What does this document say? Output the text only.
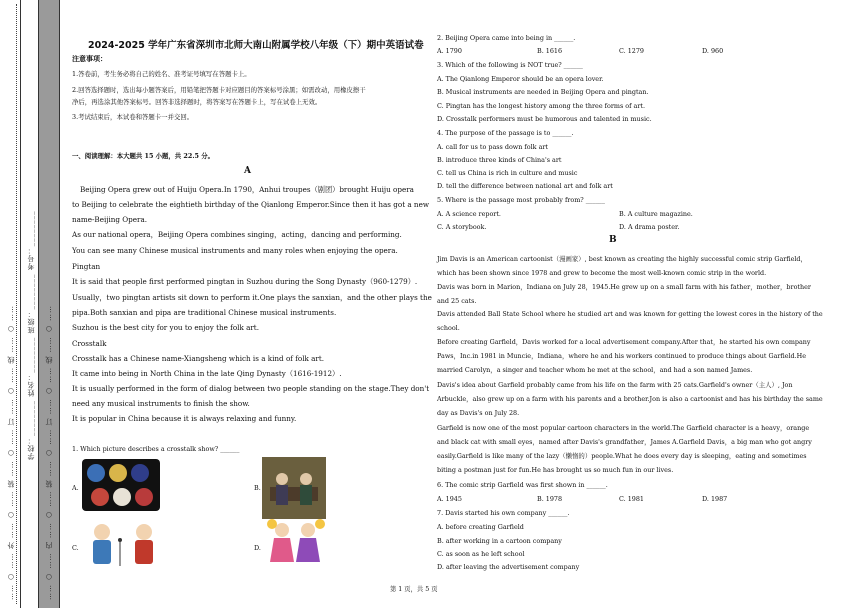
…… ○ …… 外 …… ○ …… 装 …… ○ …… 订 …… ○ …… 线 …… ○ …… 学校：________ 姓名：________ 班级：________ 考号：________ …… ○ …… 内 …… ○ …… 装 …… ○ …… 订 …… ○ …… 线 …… ○ ……
2024-2025 学年广东省深圳市北师大南山附属学校八年级（下）期中英语试卷
注意事项：
1.答卷前，考生务必将自己的姓名、准考证号填写在答题卡上。
2.回答选择题时，选出每小题答案后，用铅笔把答题卡对应题目的答案标号涂黑；如需改动，用橡皮擦干
净后，再选涂其他答案标号。回答非选择题时，将答案写在答题卡上，写在试卷上无效。
3.考试结束后，本试卷和答题卡一并交回。
一、阅读理解：本大题共 15 小题，共 22.5 分。
A
Beijing Opera grew out of Huiju Opera.In 1790，Anhui troupes（剧团）brought Huiju opera
to Beijing to celebrate the eightieth birthday of the Qianlong Emperor.Since then it has got a new
name-Beijing Opera.
As our national opera，Beijing Opera combines singing，acting，dancing and performing.
You can see many Chinese musical instruments and many roles when enjoying the opera.
Pingtan
It is said that people first performed pingtan in Suzhou during the Song Dynasty（960-1279）.
Usually，two pingtan artists sit down to perform it.One plays the sanxian，and the other plays the
pipa.Both sanxian and pipa are traditional Chinese musical instruments.
Suzhou is the best city for you to enjoy the folk art.
Crosstalk
Crosstalk has a Chinese name-Xiangsheng which is a kind of folk art.
It came into being in North China in the late Qing Dynasty（1616-1912）.
It is usually performed in the form of dialog between two people standing on the stage.They don't
need any musical instruments to finish the show.
It is popular in China because it is always relaxing and funny.
1. Which picture describes a crosstalk show? ______
A.	B.
C.	D.
2. Beijing Opera came into being in ______.
A. 1790	B. 1616	C. 1279	D. 960
3. Which of the following is NOT true? ______
A. The Qianlong Emperor should be an opera lover.
B. Musical instruments are needed in Beijing Opera and pingtan.
C. Pingtan has the longest history among the three forms of art.
D. Crosstalk performers must be humorous and talented in music.
4. The purpose of the passage is to ______.
A. call for us to pass down folk art
B. introduce three kinds of China's art
C. tell us China is rich in culture and music
D. tell the difference between national art and folk art
5. Where is the passage most probably from? ______
A. A science report.	B. A culture magazine.
C. A storybook.	D. A drama poster.
B
Jim Davis is an American cartoonist（漫画家）, best known as creating the highly successful comic strip Garfield，
which has been shown since 1978 and grew to become the most well-known comic strip in the world.
Davis was born in Marion，Indiana on July 28，1945.He grew up on a small farm with his father，mother，brother
and 25 cats.
Davis attended Ball State School where he studied art and was known for getting the lowest cores in the history of the
school.
Before creating Garfield，Davis worked for a local advertisement company.After that，he started his own company
Paws，Inc.in 1981 in Muncie，Indiana，where he and his workers continued to produce things about Garfield.He
married Carolyn，a singer and teacher whom he met at the school，and had a son named James.
Davis's idea about Garfield probably came from his life on the farm with 25 cats.Garfield's owner（主人）, Jon
Arbuckle，also grew up on a farm with his parents and a brother.Jon is also a cartoonist and has his birthday the same
day as Davis's on July 28.
Garfield is now one of the most popular cartoon characters in the world.The Garfield character is a heavy，orange
and black cat with small eyes，named after Davis's grandfather，James A.Garfield Davis，a big man who got angry
easily.Garfield is like many of the lazy（懒惰的）people.What he does every day is sleeping，eating and sometimes
biting a postman just for fun.He has brought us so much fun in our lives.
6. The comic strip Garfield was first shown in ______.
A. 1945	B. 1978	C. 1981	D. 1987
7. Davis started his own company ______.
A. before creating Garfield
B. after working in a cartoon company
C. as soon as he left school
D. after leaving the advertisement company
第 1 页，共 5 页
